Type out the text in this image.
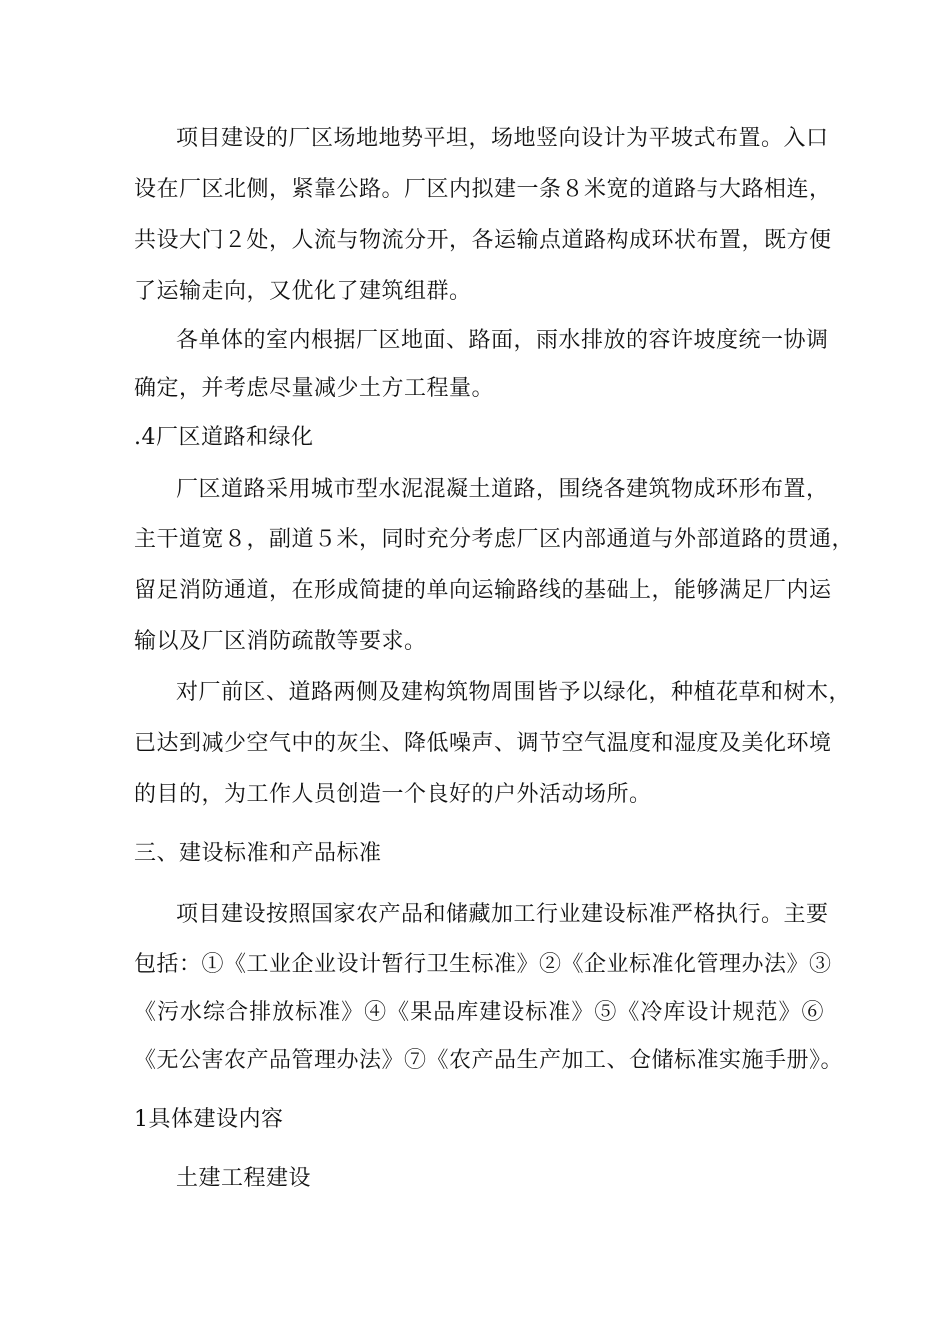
项目建设的厂区场地地势平坦，场地竖向设计为平坡式布置。入口
设在厂区北侧，紧靠公路。厂区内拟建一条８米宽的道路与大路相连，
共设大门２处，人流与物流分开，各运输点道路构成环状布置，既方便
了运输走向，又优化了建筑组群。
各单体的室内根据厂区地面、路面，雨水排放的容许坡度统一协调
确定，并考虑尽量减少土方工程量。
.4厂区道路和绿化
厂区道路采用城市型水泥混凝土道路，围绕各建筑物成环形布置，
主干道宽８，副道５米，同时充分考虑厂区内部通道与外部道路的贯通，
留足消防通道，在形成简捷的单向运输路线的基础上，能够满足厂内运
输以及厂区消防疏散等要求。
对厂前区、道路两侧及建构筑物周围皆予以绿化，种植花草和树木，
已达到减少空气中的灰尘、降低噪声、调节空气温度和湿度及美化环境
的目的，为工作人员创造一个良好的户外活动场所。
三、建设标准和产品标准
项目建设按照国家农产品和储藏加工行业建设标准严格执行。主要
包括：①《工业企业设计暂行卫生标准》②《企业标准化管理办法》③
《污水综合排放标准》④《果品库建设标准》⑤《冷库设计规范》⑥
《无公害农产品管理办法》⑦《农产品生产加工、仓储标准实施手册》。
1具体建设内容
土建工程建设
